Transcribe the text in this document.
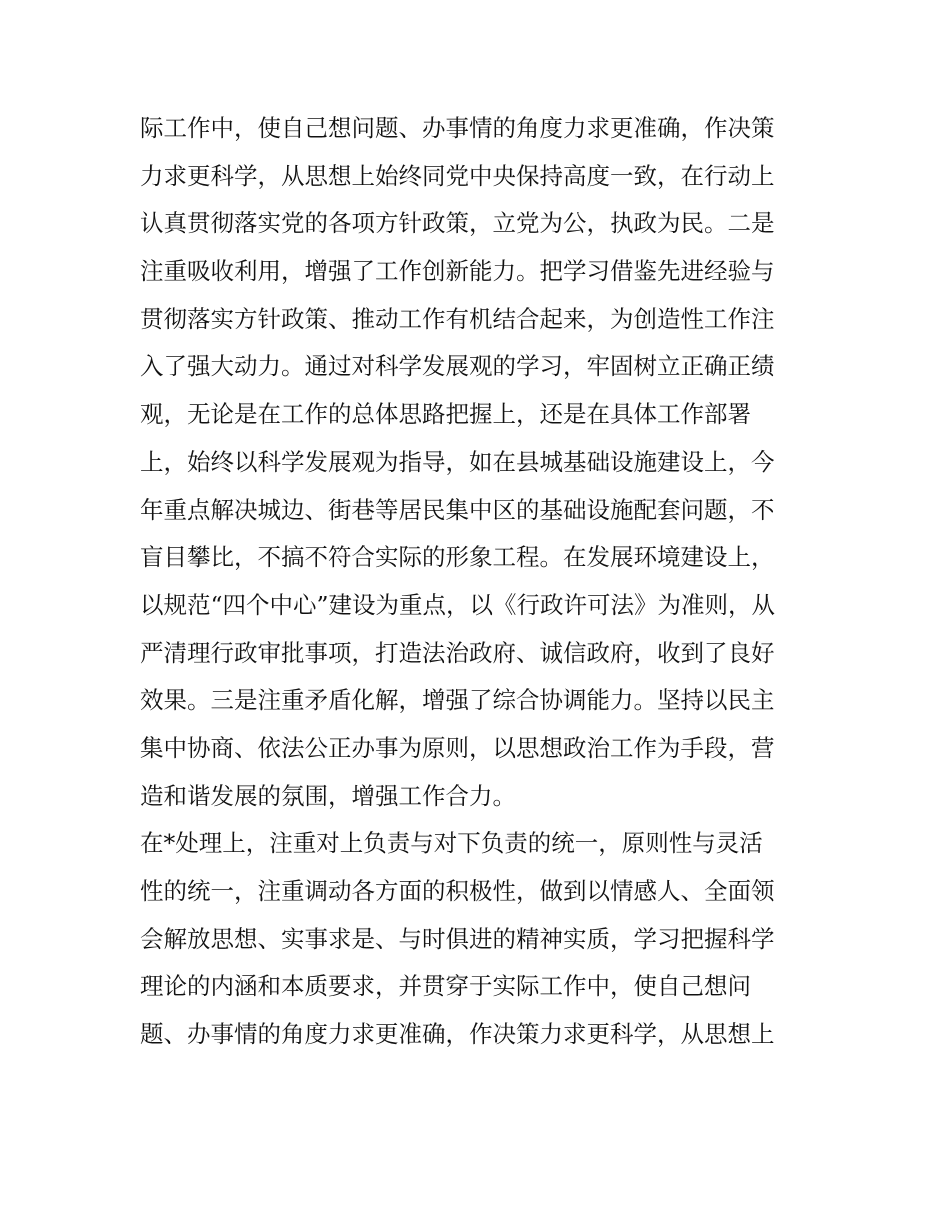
际工作中，使自己想问题、办事情的角度力求更准确，作决策
力求更科学，从思想上始终同党中央保持高度一致，在行动上
认真贯彻落实党的各项方针政策，立党为公，执政为民。二是
注重吸收利用，增强了工作创新能力。把学习借鉴先进经验与
贯彻落实方针政策、推动工作有机结合起来，为创造性工作注
入了强大动力。通过对科学发展观的学习，牢固树立正确正绩
观，无论是在工作的总体思路把握上，还是在具体工作部署
上，始终以科学发展观为指导，如在县城基础设施建设上，今
年重点解决城边、街巷等居民集中区的基础设施配套问题，不
盲目攀比，不搞不符合实际的形象工程。在发展环境建设上，
以规范“四个中心”建设为重点，以《行政许可法》为准则，从
严清理行政审批事项，打造法治政府、诚信政府，收到了良好
效果。三是注重矛盾化解，增强了综合协调能力。坚持以民主
集中协商、依法公正办事为原则，以思想政治工作为手段，营
造和谐发展的氛围，增强工作合力。
在*处理上，注重对上负责与对下负责的统一，原则性与灵活
性的统一，注重调动各方面的积极性，做到以情感人、全面领
会解放思想、实事求是、与时俱进的精神实质，学习把握科学
理论的内涵和本质要求，并贯穿于实际工作中，使自己想问
题、办事情的角度力求更准确，作决策力求更科学，从思想上
